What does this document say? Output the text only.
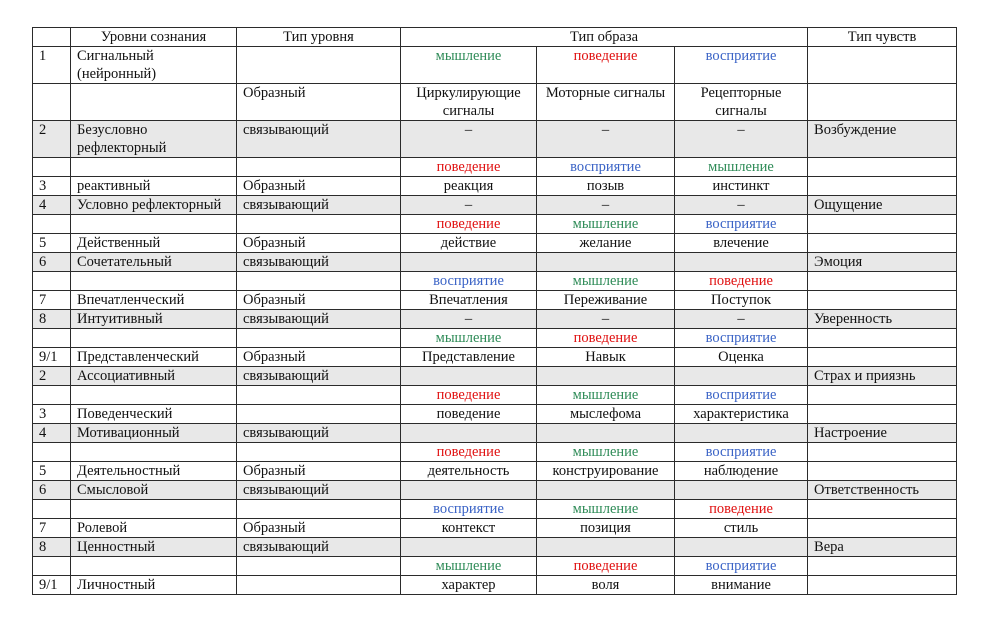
	Уровни сознания	Тип уровня	Тип образа			Тип чувств
1	Сигнальный (нейронный)		мышление	поведение	восприятие	
		Образный	Циркулирующие сигналы	Моторные сигналы	Рецепторные сигналы	
2	Безусловно рефлекторный	связывающий	–	–	–	Возбуждение
			поведение	восприятие	мышление	
3	реактивный	Образный	реакция	позыв	инстинкт	
4	Условно рефлекторный	связывающий	–	–	–	Ощущение
			поведение	мышление	восприятие	
5	Действенный	Образный	действие	желание	влечение	
6	Сочетательный	связывающий				Эмоция
			восприятие	мышление	поведение	
7	Впечатленческий	Образный	Впечатления	Переживание	Поступок	
8	Интуитивный	связывающий	–	–	–	Уверенность
			мышление	поведение	восприятие	
9/1	Представленческий	Образный	Представление	Навык	Оценка	
2	Ассоциативный	связывающий				Страх и приязнь
			поведение	мышление	восприятие	
3	Поведенческий		поведение	мыслефома	характеристика	
4	Мотивационный	связывающий				Настроение
			поведение	мышление	восприятие	
5	Деятельностный	Образный	деятельность	конструирование	наблюдение	
6	Смысловой	связывающий				Ответственность
			восприятие	мышление	поведение	
7	Ролевой	Образный	контекст	позиция	стиль	
8	Ценностный	связывающий				Вера
			мышление	поведение	восприятие	
9/1	Личностный		характер	воля	внимание	
